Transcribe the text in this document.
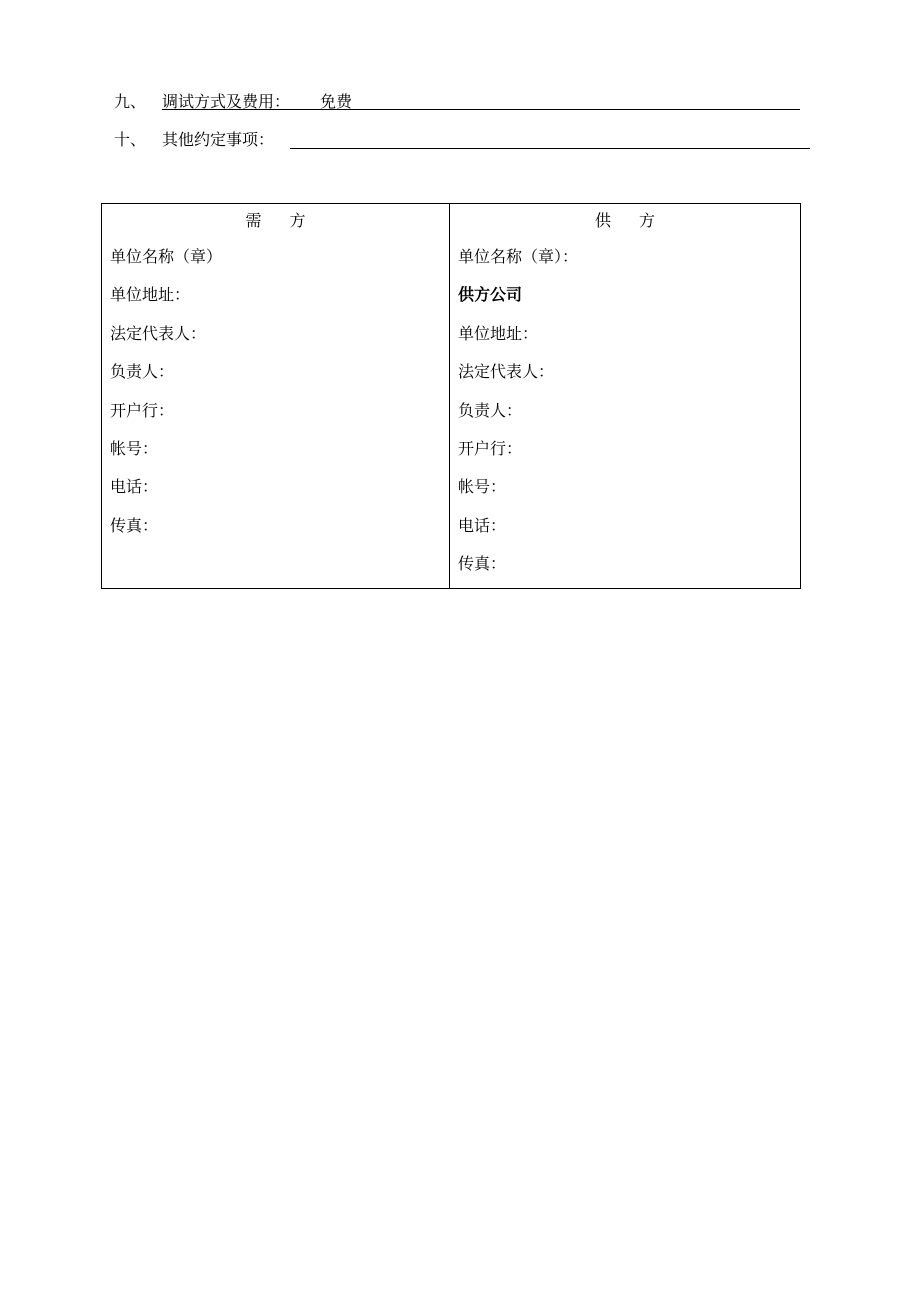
九、 调试方式及费用： 免费
十、 其他约定事项：
需 方
单位名称（章）
单位地址：
法定代表人：
负责人：
开户行：
帐号：
电话：
传真：

供 方
单位名称（章）：
供方公司
单位地址：
法定代表人：
负责人：
开户行：
帐号：
电话：
传真：
